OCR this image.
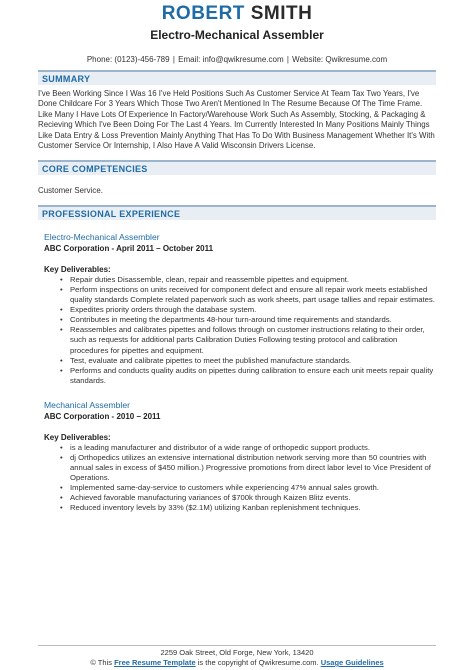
ROBERT SMITH
Electro-Mechanical Assembler
Phone: (0123)-456-789 | Email: info@qwikresume.com | Website: Qwikresume.com
SUMMARY
I've Been Working Since I Was 16 I've Held Positions Such As Customer Service At Team Tax Two Years, I've Done Childcare For 3 Years Which Those Two Aren't Mentioned In The Resume Because Of The Time Frame. Like Many I Have Lots Of Experience In Factory/Warehouse Work Such As Assembly, Stocking, & Packaging & Recieving Which I've Been Doing For The Last 4 Years. Im Currently Interested In Many Positions Mainly Things Like Data Entry & Loss Prevention Mainly Anything That Has To Do With Business Management Whether It's With Customer Service Or Internship, I Also Have A Valid Wisconsin Drivers License.
CORE COMPETENCIES
Customer Service.
PROFESSIONAL EXPERIENCE
Electro-Mechanical Assembler
ABC Corporation - April 2011 – October 2011
Key Deliverables:
• Repair duties Disassemble, clean, repair and reassemble pipettes and equipment.
• Perform inspections on units received for component defect and ensure all repair work meets established quality standards Complete related paperwork such as work sheets, part usage tallies and repair estimates.
• Expedites priority orders through the database system.
• Contributes in meeting the departments 48-hour turn-around time requirements and standards.
• Reassembles and calibrates pipettes and follows through on customer instructions relating to their order, such as requests for additional parts Calibration Duties Following testing protocol and calibration procedures for pipettes and equipment.
• Test, evaluate and calibrate pipettes to meet the published manufacture standards.
• Performs and conducts quality audits on pipettes during calibration to ensure each unit meets repair quality standards.
Mechanical Assembler
ABC Corporation - 2010 – 2011
Key Deliverables:
• is a leading manufacturer and distributor of a wide range of orthopedic support products.
• dj Orthopedics utilizes an extensive international distribution network serving more than 50 countries with annual sales in excess of $450 million.) Progressive promotions from direct labor level to Vice President of Operations.
• Implemented same-day-service to customers while experiencing 47% annual sales growth.
• Achieved favorable manufacturing variances of $700k through Kaizen Blitz events.
• Reduced inventory levels by 33% ($2.1M) utilizing Kanban replenishment techniques.
2259 Oak Street, Old Forge, New York, 13420
© This Free Resume Template is the copyright of Qwikresume.com. Usage Guidelines
